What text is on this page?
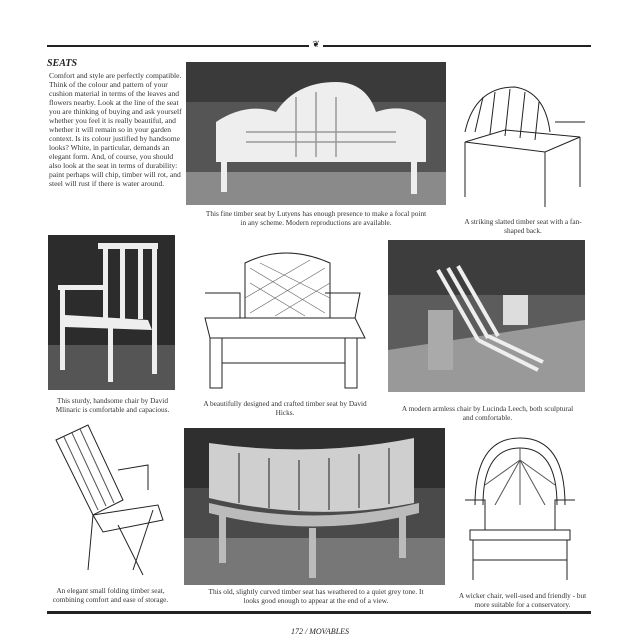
❦
SEATS

Comfort and style are perfectly compatible. Think of the colour and pattern of your cushion material in terms of the leaves and flowers nearby. Look at the line of the seat you are thinking of buying and ask yourself whether you feel it is really beautiful, and whether it will remain so in your garden context. Is its colour justified by handsome looks? White, in particular, demands an elegant form. And, of course, you should also look at the seat in terms of durability: paint perhaps will chip, timber will rot, and steel will rust if there is water around.

This fine timber seat by Lutyens has enough presence to make a focal point in any scheme. Modern reproductions are available.	A striking slatted timber seat with a fan-shaped back.
This sturdy, handsome chair by David Mlinaric is comfortable and capacious.
A beautifully designed and crafted timber seat by David Hicks.	A modern armless chair by Lucinda Leech, both sculptural and comfortable.
An elegant small folding timber seat, combining comfort and ease of storage.
This old, slightly curved timber seat has weathered to a quiet grey tone. It looks good enough to appear at the end of a view.
A wicker chair, well-used and friendly - but more suitable for a conservatory.
172 / MOVABLES
